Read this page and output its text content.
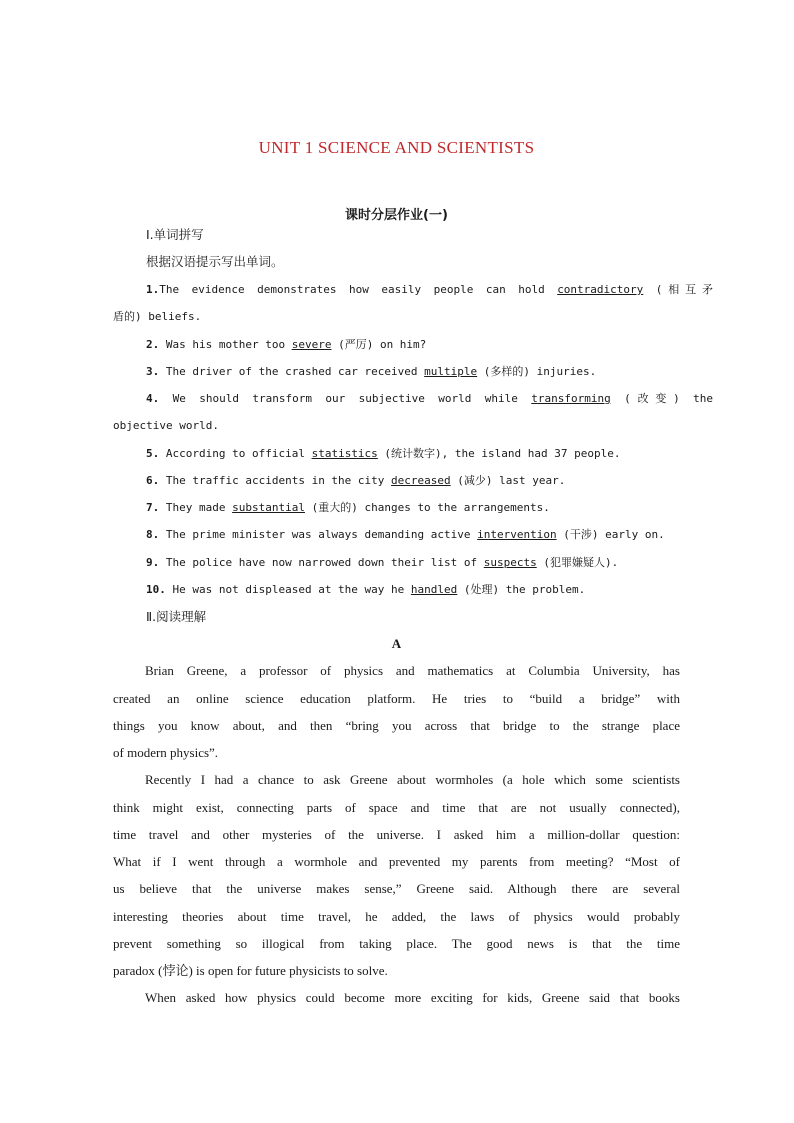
UNIT 1 SCIENCE AND SCIENTISTS
课时分层作业(一)
Ⅰ.单词拼写
根据汉语提示写出单词。
1.The evidence demonstrates how easily people can hold contradictory (相互矛
盾的) beliefs.
2. Was his mother too severe (严厉) on him?
3. The driver of the crashed car received multiple (多样的) injuries.
4. We should transform our subjective world while transforming (改变) the
objective world.
5. According to official statistics (统计数字), the island had 37 people.
6. The traffic accidents in the city decreased (减少) last year.
7. They made substantial (重大的) changes to the arrangements.
8. The prime minister was always demanding active intervention (干涉) early on.
9. The police have now narrowed down their list of suspects (犯罪嫌疑人).
10. He was not displeased at the way he handled (处理) the problem.
Ⅱ.阅读理解
A
Brian Greene, a professor of physics and mathematics at Columbia University, has
created an online science education platform. He tries to “build a bridge” with
things you know about, and then “bring you across that bridge to the strange place
of modern physics”.
Recently I had a chance to ask Greene about wormholes (a hole which some scientists
think might exist, connecting parts of space and time that are not usually connected),
time travel and other mysteries of the universe. I asked him a million-dollar question:
What if I went through a wormhole and prevented my parents from meeting? “Most of
us believe that the universe makes sense,” Greene said. Although there are several
interesting theories about time travel, he added, the laws of physics would probably
prevent something so illogical from taking place. The good news is that the time
paradox (悖论) is open for future physicists to solve.
When asked how physics could become more exciting for kids, Greene said that books
